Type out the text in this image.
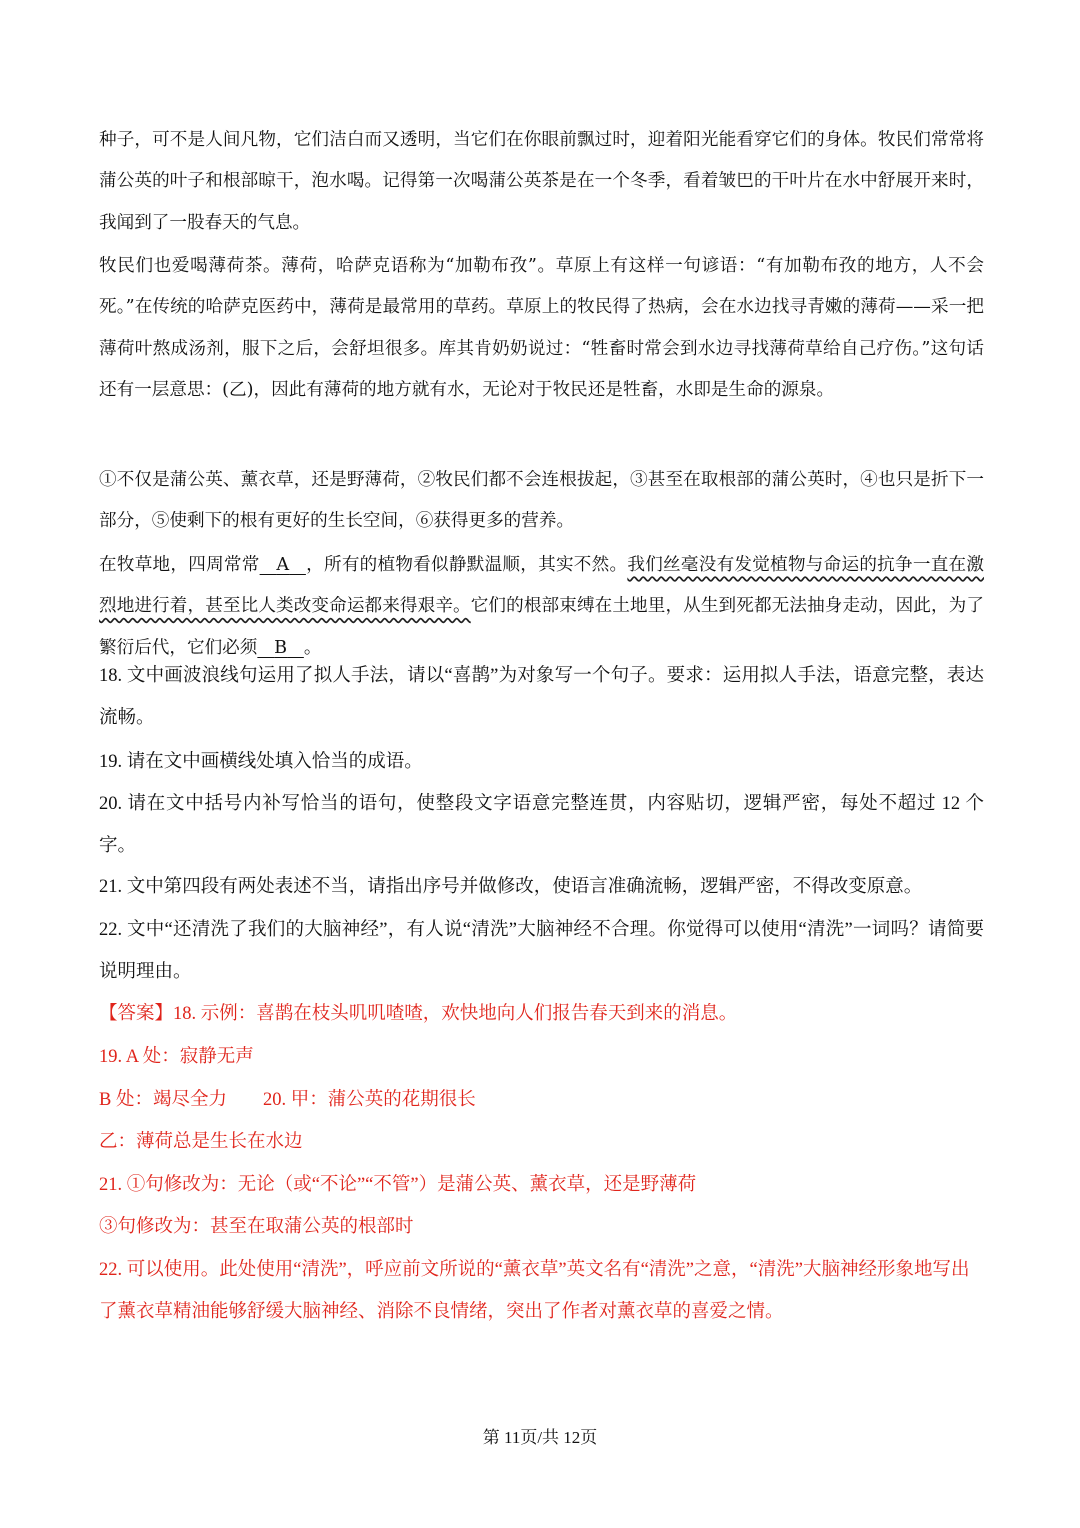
种子，可不是人间凡物，它们洁白而又透明，当它们在你眼前飘过时，迎着阳光能看穿它们的身体。牧民们常常将蒲公英的叶子和根部晾干，泡水喝。记得第一次喝蒲公英茶是在一个冬季，看着皱巴的干叶片在水中舒展开来时，我闻到了一股春天的气息。

牧民们也爱喝薄荷茶。薄荷，哈萨克语称为“加勒布孜”。草原上有这样一句谚语：“有加勒布孜的地方，人不会死。”在传统的哈萨克医药中，薄荷是最常用的草药。草原上的牧民得了热病，会在水边找寻青嫩的薄荷——采一把薄荷叶熬成汤剂，服下之后，会舒坦很多。库其肯奶奶说过：“牲畜时常会到水边寻找薄荷草给自己疗伤。”这句话还有一层意思：(乙)，因此有薄荷的地方就有水，无论对于牧民还是牲畜，水即是生命的源泉。

①不仅是蒲公英、薰衣草，还是野薄荷，②牧民们都不会连根拔起，③甚至在取根部的蒲公英时，④也只是折下一部分，⑤使剩下的根有更好的生长空间，⑥获得更多的营养。

在牧草地，四周常常 A ，所有的植物看似静默温顺，其实不然。我们丝毫没有发觉植物与命运的抗争一直在激烈地进行着，甚至比人类改变命运都来得艰辛。它们的根部束缚在土地里，从生到死都无法抽身走动，因此，为了繁衍后代，它们必须 B 。

18. 文中画波浪线句运用了拟人手法，请以“喜鹊”为对象写一个句子。要求：运用拟人手法，语意完整，表达流畅。

19. 请在文中画横线处填入恰当的成语。

20. 请在文中括号内补写恰当的语句，使整段文字语意完整连贯，内容贴切，逻辑严密，每处不超过 12 个字。

21. 文中第四段有两处表述不当，请指出序号并做修改，使语言准确流畅，逻辑严密，不得改变原意。

22. 文中“还清洗了我们的大脑神经”，有人说“清洗”大脑神经不合理。你觉得可以使用“清洗”一词吗？请简要说明理由。

【答案】18. 示例：喜鹊在枝头叽叽喳喳，欢快地向人们报告春天到来的消息。

19. A 处：寂静无声

B 处：竭尽全力 20. 甲：蒲公英的花期很长

乙：薄荷总是生长在水边

21. ①句修改为：无论（或“不论”“不管”）是蒲公英、薰衣草，还是野薄荷

③句修改为：甚至在取蒲公英的根部时

22. 可以使用。此处使用“清洗”，呼应前文所说的“薰衣草”英文名有“清洗”之意，“清洗”大脑神经形象地写出了薰衣草精油能够舒缓大脑神经、消除不良情绪，突出了作者对薰衣草的喜爱之情。

第 11页/共 12页
